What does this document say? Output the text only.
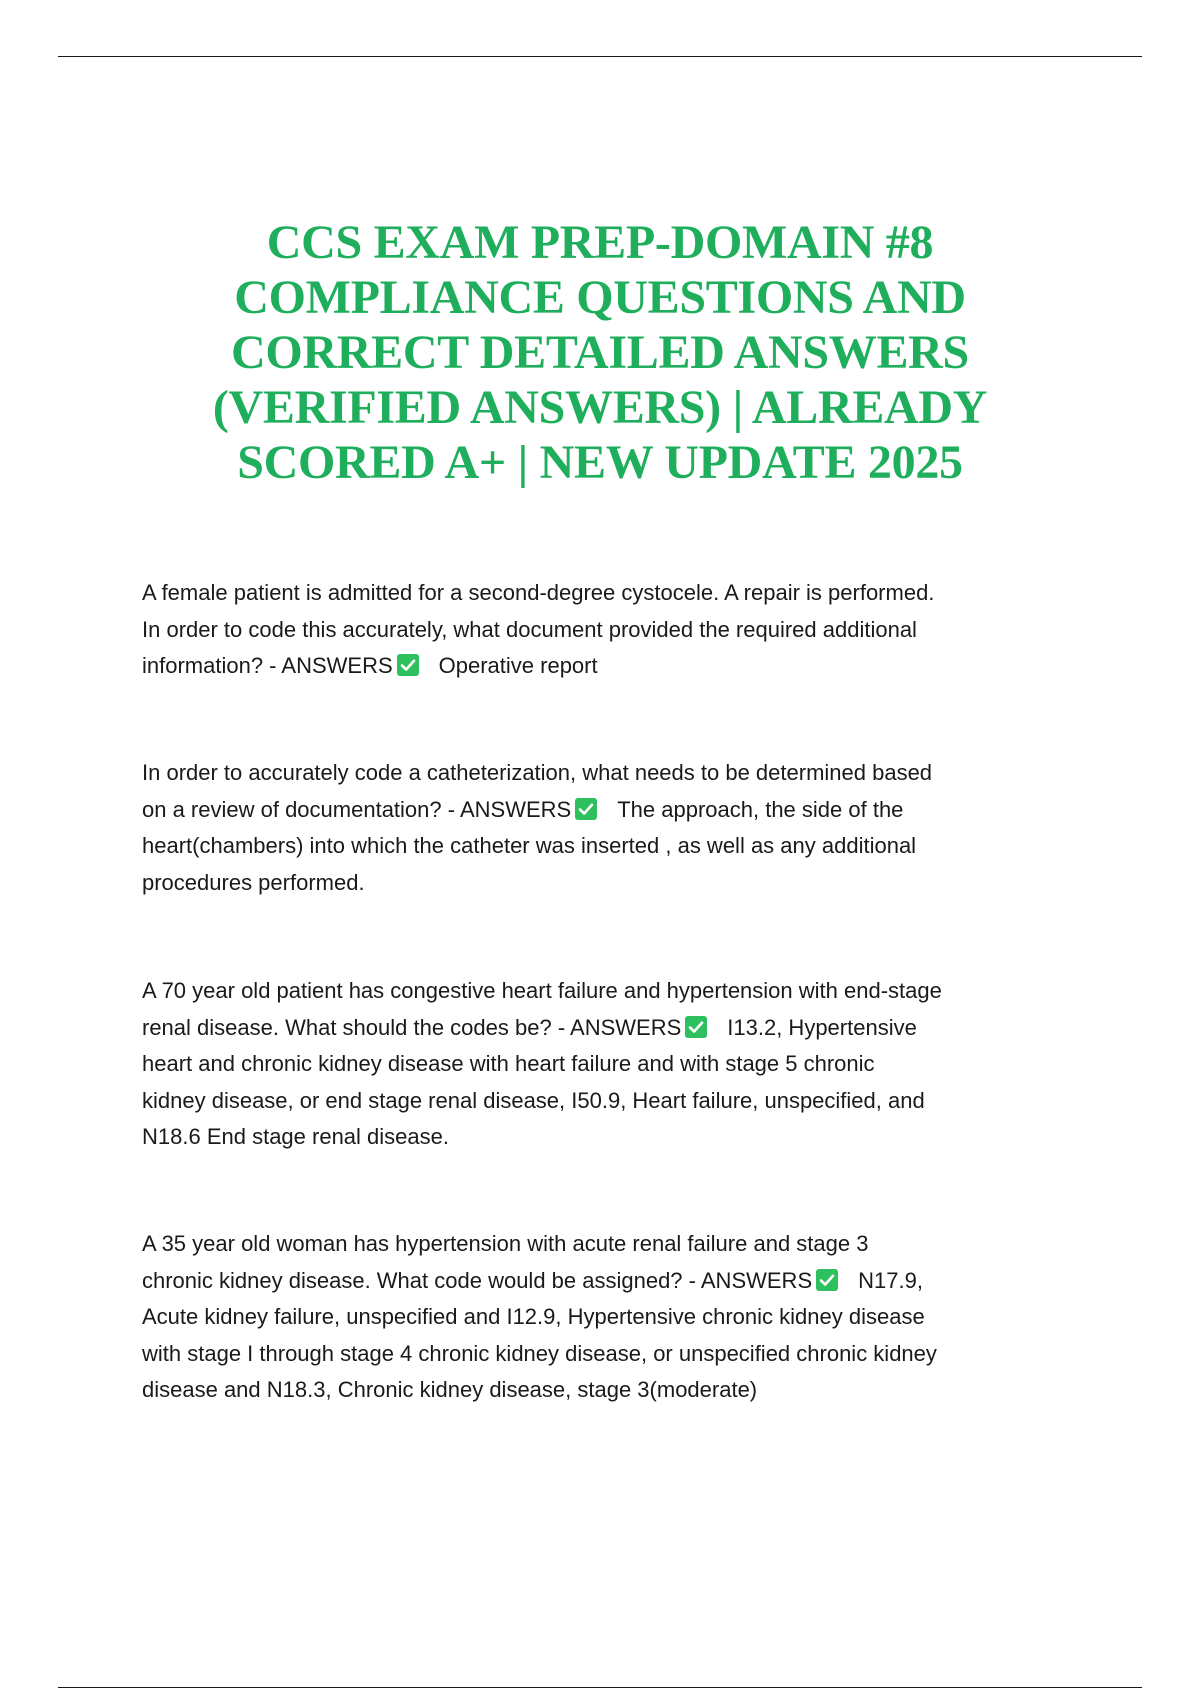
CCS EXAM PREP-DOMAIN #8
COMPLIANCE QUESTIONS AND
CORRECT DETAILED ANSWERS
(VERIFIED ANSWERS) | ALREADY
SCORED A+ | NEW UPDATE 2025
A female patient is admitted for a second-degree cystocele. A repair is performed.
In order to code this accurately, what document provided the required additional
information? - ANSWERS Operative report
In order to accurately code a catheterization, what needs to be determined based
on a review of documentation? - ANSWERS The approach, the side of the
heart(chambers) into which the catheter was inserted , as well as any additional
procedures performed.
A 70 year old patient has congestive heart failure and hypertension with end-stage
renal disease. What should the codes be? - ANSWERS I13.2, Hypertensive
heart and chronic kidney disease with heart failure and with stage 5 chronic
kidney disease, or end stage renal disease, I50.9, Heart failure, unspecified, and
N18.6 End stage renal disease.
A 35 year old woman has hypertension with acute renal failure and stage 3
chronic kidney disease. What code would be assigned? - ANSWERS N17.9,
Acute kidney failure, unspecified and I12.9, Hypertensive chronic kidney disease
with stage I through stage 4 chronic kidney disease, or unspecified chronic kidney
disease and N18.3, Chronic kidney disease, stage 3(moderate)
